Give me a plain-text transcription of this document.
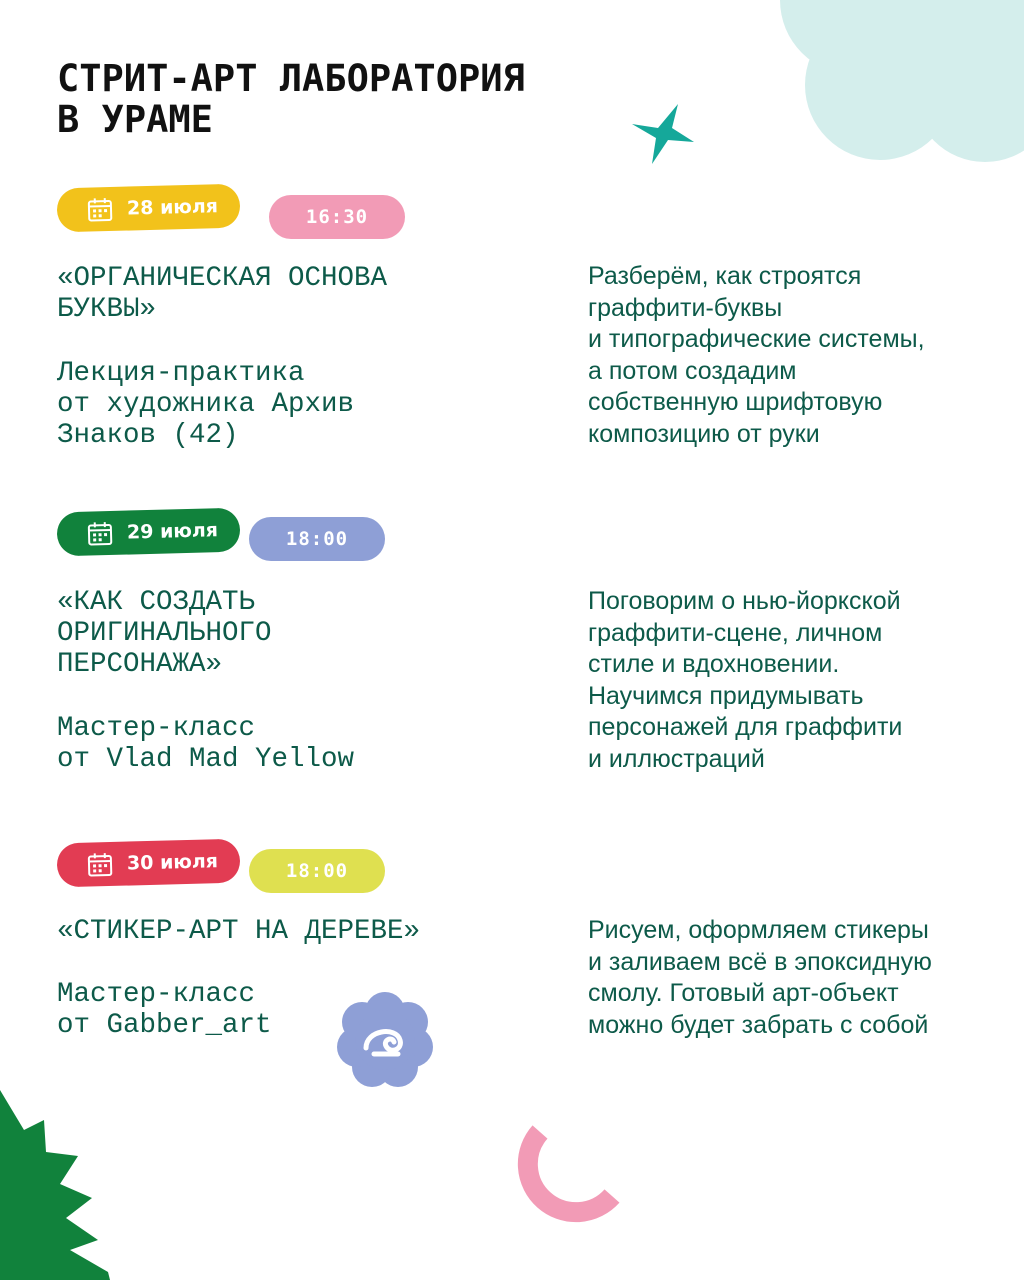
СТРИТ-АРТ ЛАБОРАТОРИЯ
В УРАМЕ
28 июля	16:30

«ОРГАНИЧЕСКАЯ ОСНОВА
БУКВЫ»

Лекция-практика
от художника Архив
Знаков (42)

Разберём, как строятся
граффити-буквы
и типографические системы,
а потом создадим
собственную шрифтовую
композицию от руки

29 июля	18:00

«КАК СОЗДАТЬ
ОРИГИНАЛЬНОГО
ПЕРСОНАЖА»

Мастер-класс
от Vlad Mad Yellow

Поговорим о нью-йоркской
граффити-сцене, личном
стиле и вдохновении.
Научимся придумывать
персонажей для граффити
и иллюстраций

30 июля	18:00

«СТИКЕР-АРТ НА ДЕРЕВЕ»

Мастер-класс
от Gabber_art

Рисуем, оформляем стикеры
и заливаем всё в эпоксидную
смолу. Готовый арт-объект
можно будет забрать с собой
